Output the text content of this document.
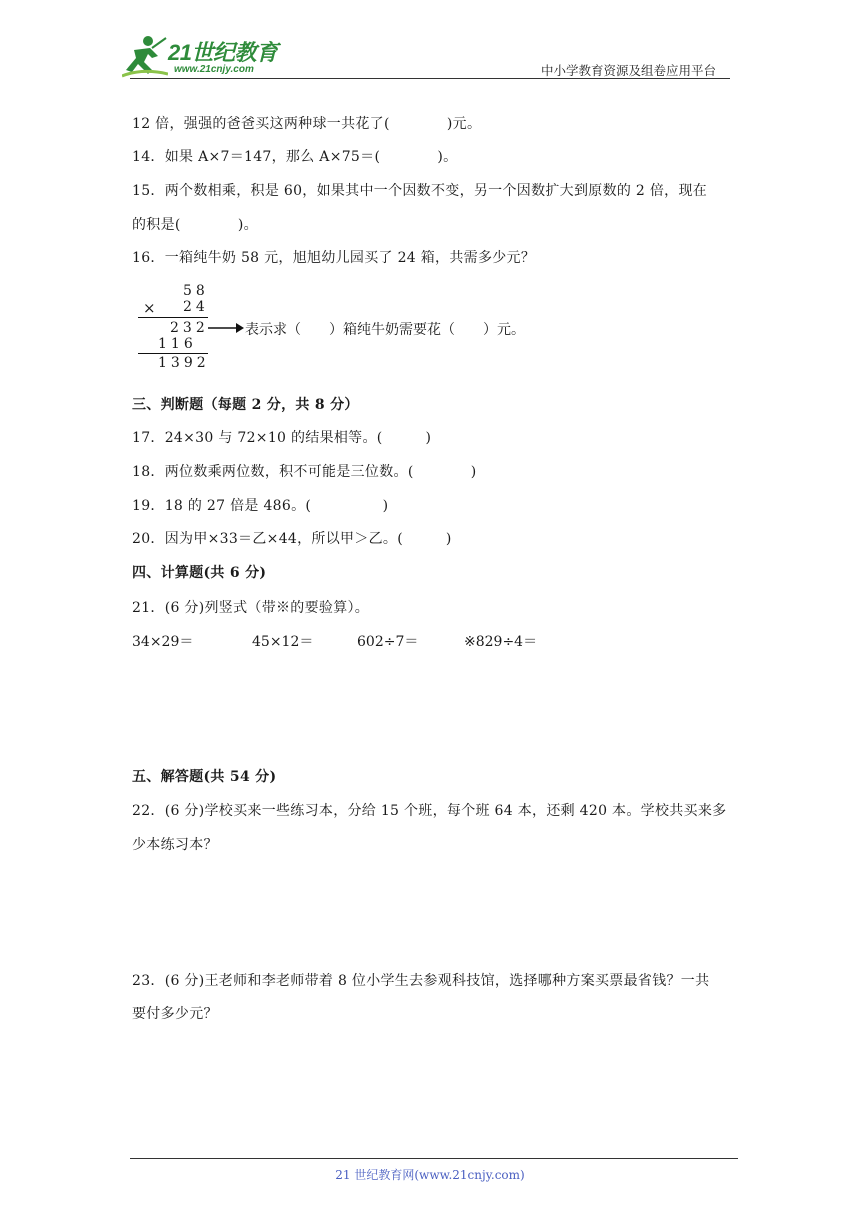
21世纪教育
www.21cnjy.com	中小学教育资源及组卷应用平台
12 倍，强强的爸爸买这两种球一共花了(　　　　)元。
14．如果 A×7＝147，那么 A×75＝(　　　　)。
15．两个数相乘，积是 60，如果其中一个因数不变，另一个因数扩大到原数的 2 倍，现在
的积是(　　　　)。
16．一箱纯牛奶 58 元，旭旭幼儿园买了 24 箱，共需多少元？
58
× 24
232	表示求（　　）箱纯牛奶需要花（　　）元。
116
1392
三、判断题（每题 2 分，共 8 分）
17．24×30 与 72×10 的结果相等。(　　　)
18．两位数乘两位数，积不可能是三位数。(　　　　)
19．18 的 27 倍是 486。(　　　　　)
20．因为甲×33＝乙×44，所以甲＞乙。(　　　)
四、计算题(共 6 分)
21．(6 分)列竖式（带※的要验算）。
34×29＝	45×12＝	602÷7＝	※829÷4＝
五、解答题(共 54 分)
22．(6 分)学校买来一些练习本，分给 15 个班，每个班 64 本，还剩 420 本。学校共买来多
少本练习本？
23．(6 分)王老师和李老师带着 8 位小学生去参观科技馆，选择哪种方案买票最省钱？一共
要付多少元？
21 世纪教育网(www.21cnjy.com)
